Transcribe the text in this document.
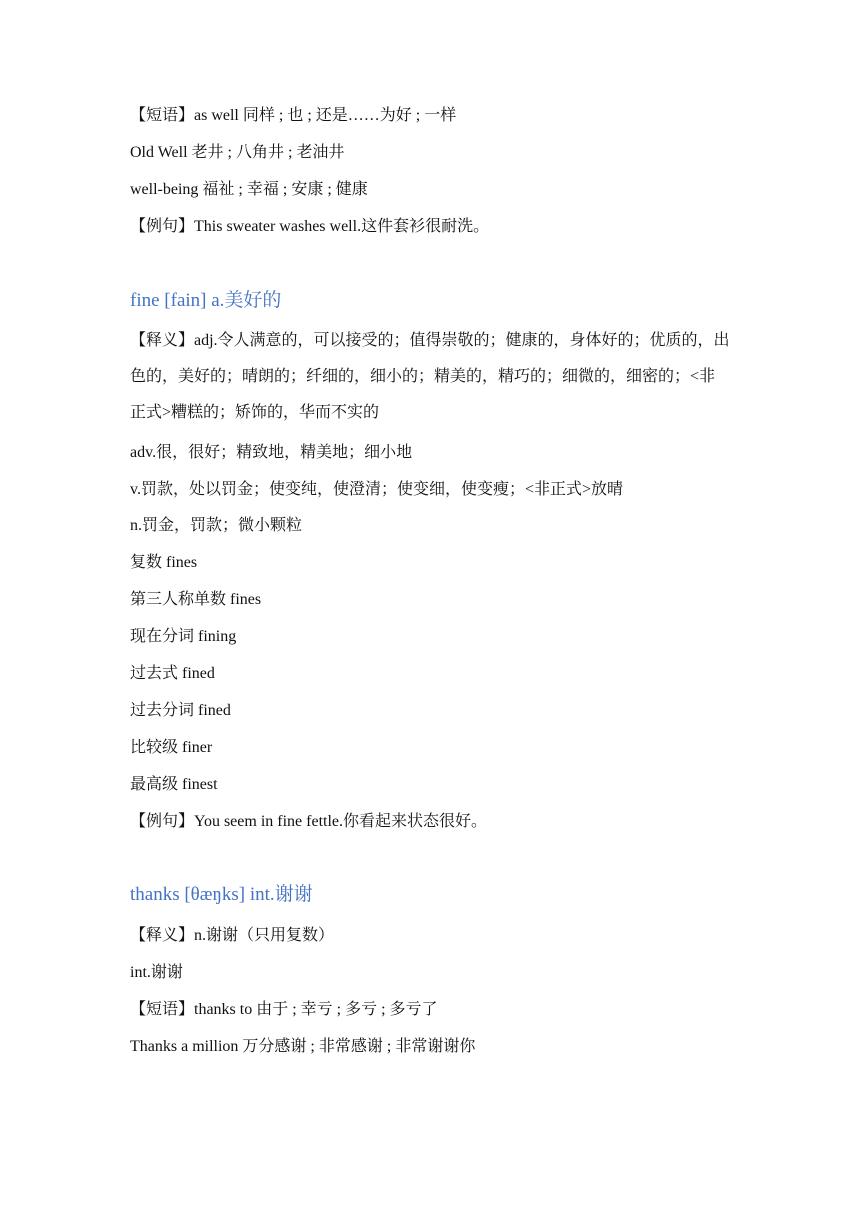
【短语】as well 同样 ; 也 ; 还是……为好 ; 一样
Old Well 老井 ; 八角井 ; 老油井
well-being 福祉 ; 幸福 ; 安康 ; 健康
【例句】This sweater washes well.这件套衫很耐洗。
fine [fain] a.美好的
【释义】adj.令人满意的，可以接受的；值得崇敬的；健康的，身体好的；优质的，出色的，美好的；晴朗的；纤细的，细小的；精美的，精巧的；细微的，细密的；<非正式>糟糕的；矫饰的，华而不实的
adv.很，很好；精致地，精美地；细小地
v.罚款，处以罚金；使变纯，使澄清；使变细，使变瘦；<非正式>放晴
n.罚金，罚款；微小颗粒
复数 fines
第三人称单数 fines
现在分词 fining
过去式 fined
过去分词 fined
比较级 finer
最高级 finest
【例句】You seem in fine fettle.你看起来状态很好。
thanks [θæŋks] int.谢谢
【释义】n.谢谢（只用复数）
int.谢谢
【短语】thanks to 由于 ; 幸亏 ; 多亏 ; 多亏了
Thanks a million 万分感谢 ; 非常感谢 ; 非常谢谢你
